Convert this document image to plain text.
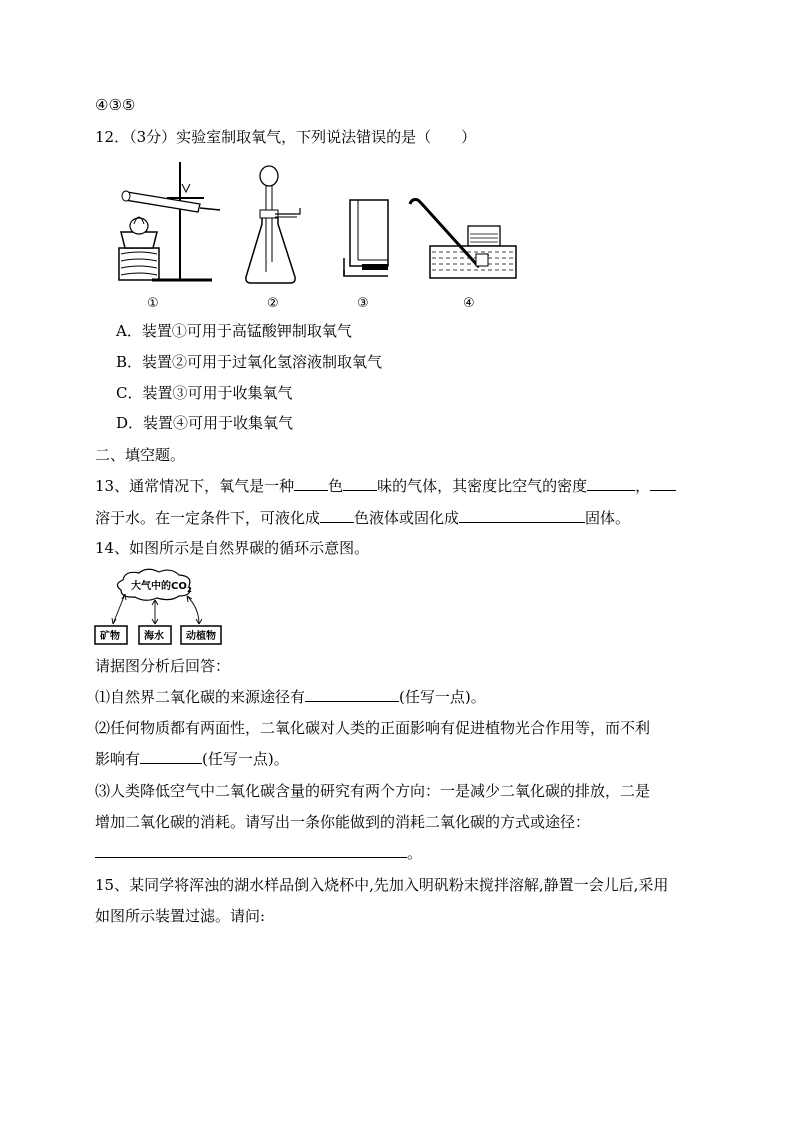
④③⑤
12．（3分）实验室制取氧气，下列说法错误的是（　　）
①	②	③	④
A．装置①可用于高锰酸钾制取氧气
B．装置②可用于过氧化氢溶液制取氧气
C．装置③可用于收集氧气
D．装置④可用于收集氧气
二、填空题。
13、通常情况下，氧气是一种 色 味的气体，其密度比空气的密度	，
溶于水。在一定条件下，可液化成 色液体或固化成	固体。
14、如图所示是自然界碳的循环示意图。
大气中的CO 2
矿物 海水 动植物
请据图分析后回答：
⑴自然界二氧化碳的来源途径有	(任写一点)。
⑵任何物质都有两面性，二氧化碳对人类的正面影响有促进植物光合作用等，而不利
影响有	(任写一点)。
⑶人类降低空气中二氧化碳含量的研究有两个方向：一是减少二氧化碳的排放，二是
增加二氧化碳的消耗。请写出一条你能做到的消耗二氧化碳的方式或途径：
。
15、某同学将浑浊的湖水样品倒入烧杯中,先加入明矾粉末搅拌溶解,静置一会儿后,采用
如图所示装置过滤。请问:
